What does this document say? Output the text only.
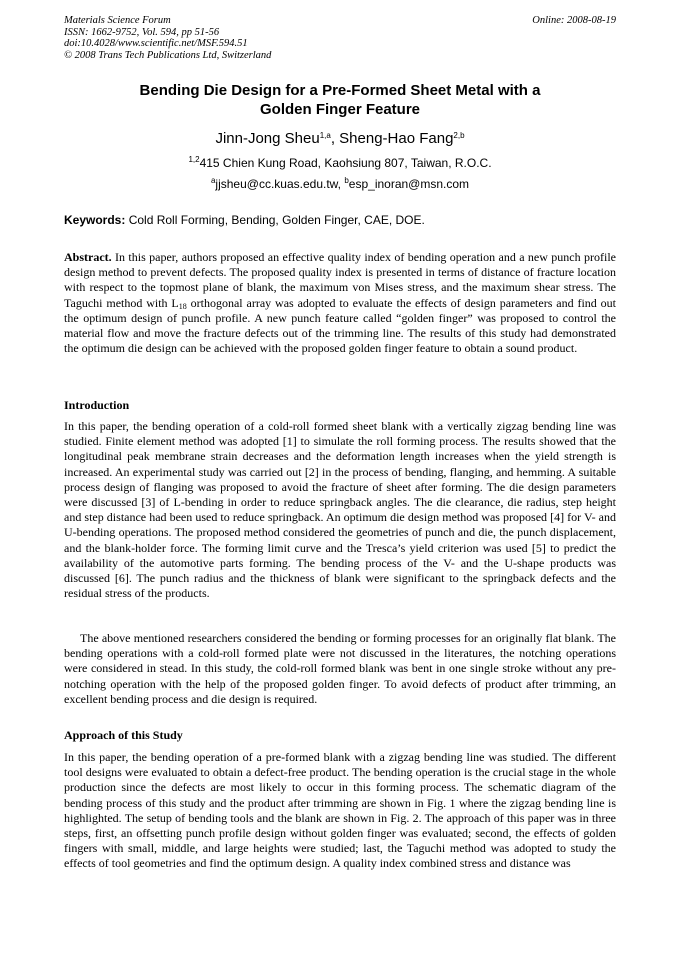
Materials Science Forum
ISSN: 1662-9752, Vol. 594, pp 51-56
doi:10.4028/www.scientific.net/MSF.594.51
© 2008 Trans Tech Publications Ltd, Switzerland
Online: 2008-08-19
Bending Die Design for a Pre-Formed Sheet Metal with a
Golden Finger Feature
Jinn-Jong Sheu$^{1,a}$, Sheng-Hao Fang$^{2,b}$
$^{1,2}$415 Chien Kung Road, Kaohsiung 807, Taiwan, R.O.C.
$^a$jjsheu@cc.kuas.edu.tw, $^b$esp_inoran@msn.com
Keywords: Cold Roll Forming, Bending, Golden Finger, CAE, DOE.
Abstract. In this paper, authors proposed an effective quality index of bending operation and a new punch profile design method to prevent defects. The proposed quality index is presented in terms of distance of fracture location with respect to the topmost plane of blank, the maximum von Mises stress, and the maximum shear stress. The Taguchi method with $L_{18}$ orthogonal array was adopted to evaluate the effects of design parameters and find out the optimum design of punch profile. A new punch feature called “golden finger” was proposed to control the material flow and move the fracture defects out of the trimming line. The results of this study had demonstrated the optimum die design can be achieved with the proposed golden finger feature to obtain a sound product.
Introduction
In this paper, the bending operation of a cold-roll formed sheet blank with a vertically zigzag bending line was studied. Finite element method was adopted [1] to simulate the roll forming process. The results showed that the longitudinal peak membrane strain decreases and the deformation length increases when the yield strength is increased. An experimental study was carried out [2] in the process of bending, flanging, and hemming. A suitable process design of flanging was proposed to avoid the fracture of sheet after forming. The die design parameters were discussed [3] of L-bending in order to reduce springback angles. The die clearance, die radius, step height and step distance had been used to reduce springback. An optimum die design method was proposed [4] for V- and U-bending operations. The proposed method considered the geometries of punch and die, the punch displacement, and the blank-holder force. The forming limit curve and the Tresca’s yield criterion was used [5] to predict the availability of the automotive parts forming. The bending process of the V- and the U-shape products was discussed [6]. The punch radius and the thickness of blank were significant to the springback defects and the residual stress of the products.
The above mentioned researchers considered the bending or forming processes for an originally flat blank. The bending operations with a cold-roll formed plate were not discussed in the literatures, the notching operations were considered in stead. In this study, the cold-roll formed blank was bent in one single stroke without any pre-notching operation with the help of the proposed golden finger. To avoid defects of product after trimming, an excellent bending process and die design is required.
Approach of this Study
In this paper, the bending operation of a pre-formed blank with a zigzag bending line was studied. The different tool designs were evaluated to obtain a defect-free product. The bending operation is the crucial stage in the whole production since the defects are most likely to occur in this forming process. The schematic diagram of the bending process of this study and the product after trimming are shown in Fig. 1 where the zigzag bending line is highlighted. The setup of bending tools and the blank are shown in Fig. 2. The approach of this paper was in three steps, first, an offsetting punch profile design without golden finger was evaluated; second, the effects of golden fingers with small, middle, and large heights were studied; last, the Taguchi method was adopted to study the effects of tool geometries and find the optimum design. A quality index combined stress and distance was
